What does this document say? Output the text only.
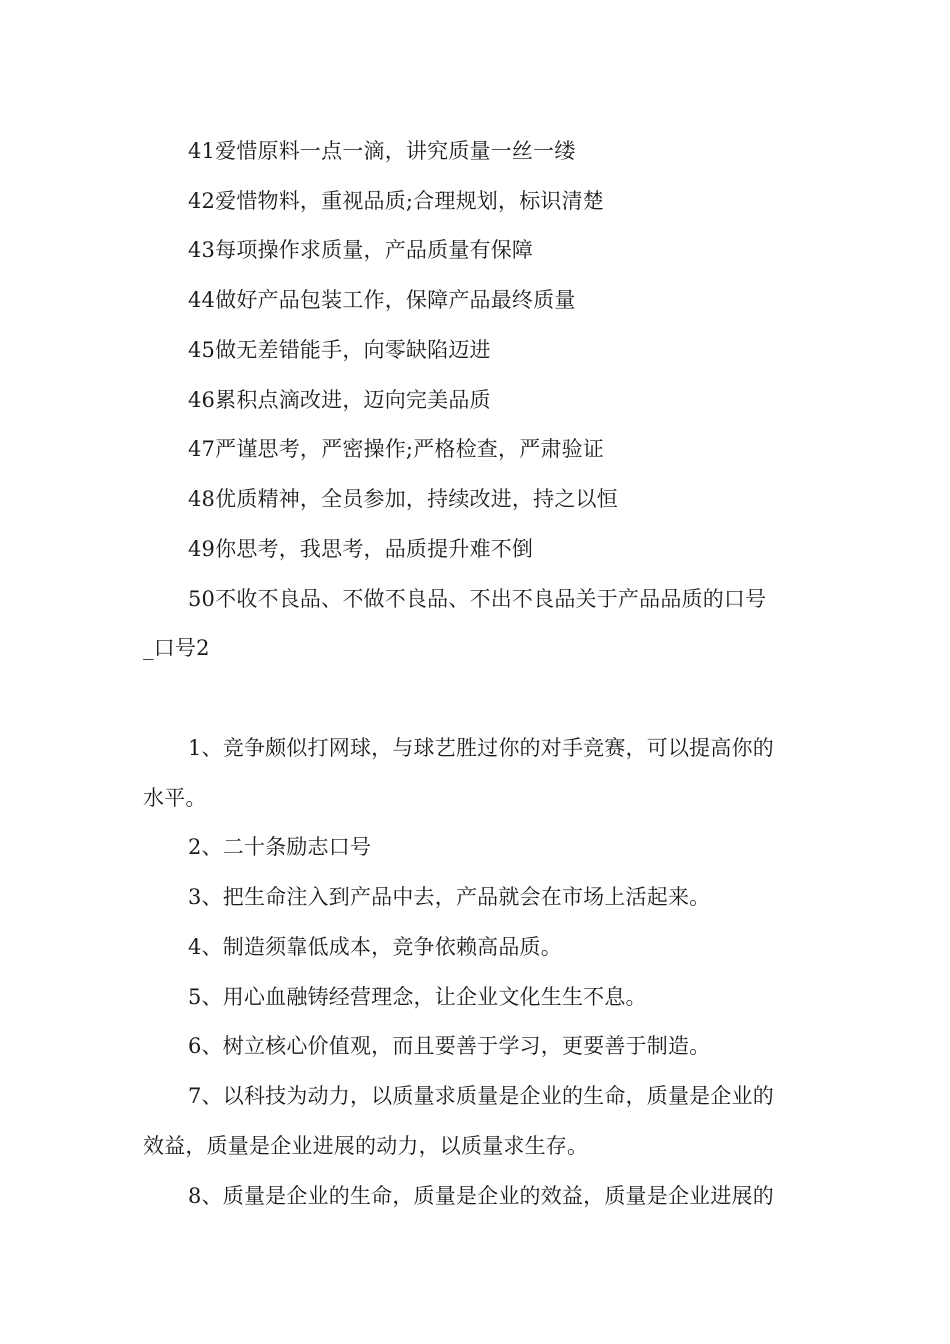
41爱惜原料一点一滴，讲究质量一丝一缕
42爱惜物料，重视品质;合理规划，标识清楚
43每项操作求质量，产品质量有保障
44做好产品包装工作，保障产品最终质量
45做无差错能手，向零缺陷迈进
46累积点滴改进，迈向完美品质
47严谨思考，严密操作;严格检查，严肃验证
48优质精神，全员参加，持续改进，持之以恒
49你思考，我思考，品质提升难不倒
50不收不良品、不做不良品、不出不良品关于产品品质的口号
_口号2
1、竞争颇似打网球，与球艺胜过你的对手竞赛，可以提高你的
水平。
2、二十条励志口号
3、把生命注入到产品中去，产品就会在市场上活起来。
4、制造须靠低成本，竞争依赖高品质。
5、用心血融铸经营理念，让企业文化生生不息。
6、树立核心价值观，而且要善于学习，更要善于制造。
7、以科技为动力，以质量求质量是企业的生命，质量是企业的
效益，质量是企业进展的动力，以质量求生存。
8、质量是企业的生命，质量是企业的效益，质量是企业进展的
